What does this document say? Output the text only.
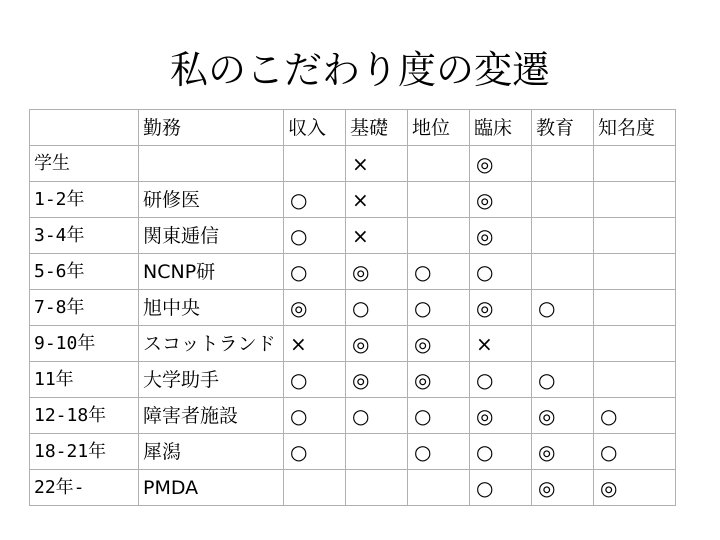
私のこだわり度の変遷
	勤務	収入	基礎	地位	臨床	教育	知名度
学生			×		◎		
1-2年	研修医	○	×		◎		
3-4年	関東逓信	○	×		◎		
5-6年	NCNP研	○	◎	○	○		
7-8年	旭中央	◎	○	○	◎	○	
9-10年	スコットランド	×	◎	◎	×		
11年	大学助手	○	◎	◎	○	○	
12-18年	障害者施設	○	○	○	◎	◎	○
18-21年	犀潟	○		○	○	◎	○
22年-	PMDA				○	◎	◎
